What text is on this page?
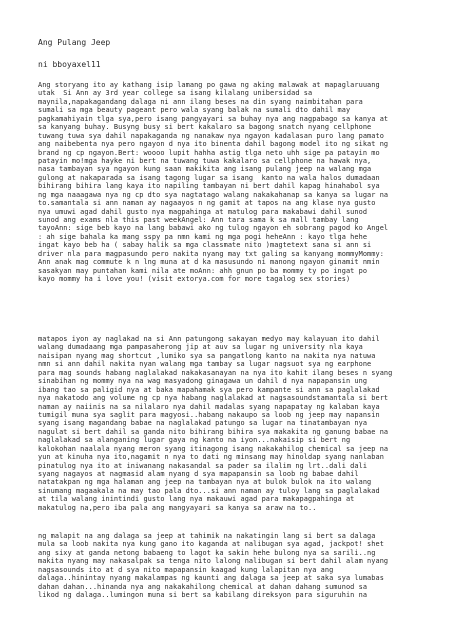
Ang Pulang Jeep
ni bboyaxel11
Ang storyang ito ay kathang isip lamang po gawa ng aking malawak at mapaglaruuang
utak  Si Ann ay 3rd year college sa isang kilalang unibersidad sa
maynila,napakagandang dalaga ni ann ilang beses na din syang naimbitahan para
sumali sa mga beauty pageant pero wala syang balak na sumali dto dahil may
pagkamahiyain tlga sya,pero isang pangyayari sa buhay nya ang nagpabago sa kanya at
sa kanyang buhay. Busyng busy si bert kakalaro sa bagong snatch nyang cellphone
tuwang tuwa sya dahil napakaganda ng nanakaw nya ngayon kadalasan puro lang pamato
ang naibebenta nya pero ngayon d nya ito binenta dahil bagong model ito ng sikat ng
brand ng cp ngayon.Bert: woooo lupit hahha astig tlga neto uhh sige pa patayin mo
patayin mo!mga hayke ni bert na tuwang tuwa kakalaro sa cellphone na hawak nya,
nasa tambayan sya ngayon kung saan makikita ang isang pulang jeep na walang mga
gulong at nakaparada sa isang tagong lugar sa isang  kanto na wala halos dumadaan
bihirang bihira lang kaya ito napiling tambayan ni bert dahil kapag hinahabol sya
ng mga naaagawa nya ng cp dto sya nagtatago walang nakakahanap sa kanya sa lugar na
to.samantala si ann naman ay nagaayos n ng gamit at tapos na ang klase nya gusto
nya umuwi agad dahil gusto nya magpahinga at matulog para makabawi dahil sunod
sunod ang exams nla this past weekAngel: Ann tara sama k sa mall tambay lang
tayoAnn: sige beb kayo na lang babawi ako ng tulog ngayon eh sobrang pagod ko Angel
: ah sige bahala ka mang sspy pa nmn kami ng mga pogi heheAnn : kayo tlga hehe
ingat kayo beb ha ( sabay halik sa mga classmate nito )magtetext sana si ann si
driver nla para magpasundo pero nakita nyang may txt galing sa kanyang mommyMommy:
Ann anak mag commute k n lng muna at d ka masusundo ni manong ngayon ginamit nmin
sasakyan may puntahan kami nila ate moAnn: ahh gnun po ba mommy ty po ingat po
kayo mommy ha i love you! (visit extorya.com for more tagalog sex stories)
matapos iyon ay naglakad na si Ann patungong sakayan medyo may kalayuan ito dahil
walang dumadaang mga pampasaherong jip at auv sa lugar ng university nla kaya
naisipan nyang mag shortcut ,lumiko sya sa pangatlong kanto na nakita nya natuwa
nmn si ann dahil nakita nyan walang mga tambay sa lugar nagsuot sya ng earphone
para mag sounds habang naglalakad nakakasanayan na nya ito kahit ilang beses n syang
sinabihan ng mommy nya na wag masyadong ginagawa un dahil d nya napapansin ung
ibang tao sa paligid nya at baka mapahamak sya pero kampante si ann sa paglalakad
nya nakatodo ang volume ng cp nya habang naglalakad at nagsasoundstamantala si bert
naman ay naiinis na sa nilalaro nya dahil madalas syang napapatay ng kalaban kaya
tumigil muna sya saglit para magyosi..habang nakaupo sa loob ng jeep may napansin
syang isang magandang babae na naglalakad patungo sa lugar na tinatambayan nya
nagulat si bert dahil sa ganda nito bihirang bihira sya makakita ng ganung babae na
naglalakad sa alanganing lugar gaya ng kanto na iyon...nakaisip si bert ng
kalokohan naalala nyang meron syang itinagong isang nakakahilog chemical sa jeep na
yun at kinuha nya ito,nagamit n nya to dati ng minsang may hinoldap syang nanlaban
pinatulog nya ito at iniwanang nakasandal sa pader sa ilalim ng lrt..dali dali
syang nagayos at nagmasid alam nyang d sya mapapansin sa loob ng babae dahil
natatakpan ng mga halaman ang jeep na tambayan nya at bulok bulok na ito walang
sinumang magaakala na may tao pala dto...si ann naman ay tuloy lang sa paglalakad
at tila walang inintindi gusto lang nya makauwi agad para makapagpahinga at
makatulog na,pero iba pala ang mangyayari sa kanya sa araw na to..
ng malapit na ang dalaga sa jeep at tahimik na nakatingin lang si bert sa dalaga
mula sa loob nakita nya kung gano ito kaganda at nalibugan sya agad, jackpot! shet
ang sixy at ganda netong babaeng to lagot ka sakin hehe bulong nya sa sarili..ng
makita nyang may nakasalpak sa tenga nito lalong nalibugan si bert dahil alam nyang
nagsasounds ito at d sya nito mapapansin kaagad kung lalapitan nya ang
dalaga..hinintay nyang makalampas ng kaunti ang dalaga sa jeep at saka sya lumabas
dahan dahan...hinanda nya ang nakakahilong chemical at dahan dahang sumunod sa
likod ng dalaga..lumingon muna si bert sa kabilang direksyon para siguruhin na
